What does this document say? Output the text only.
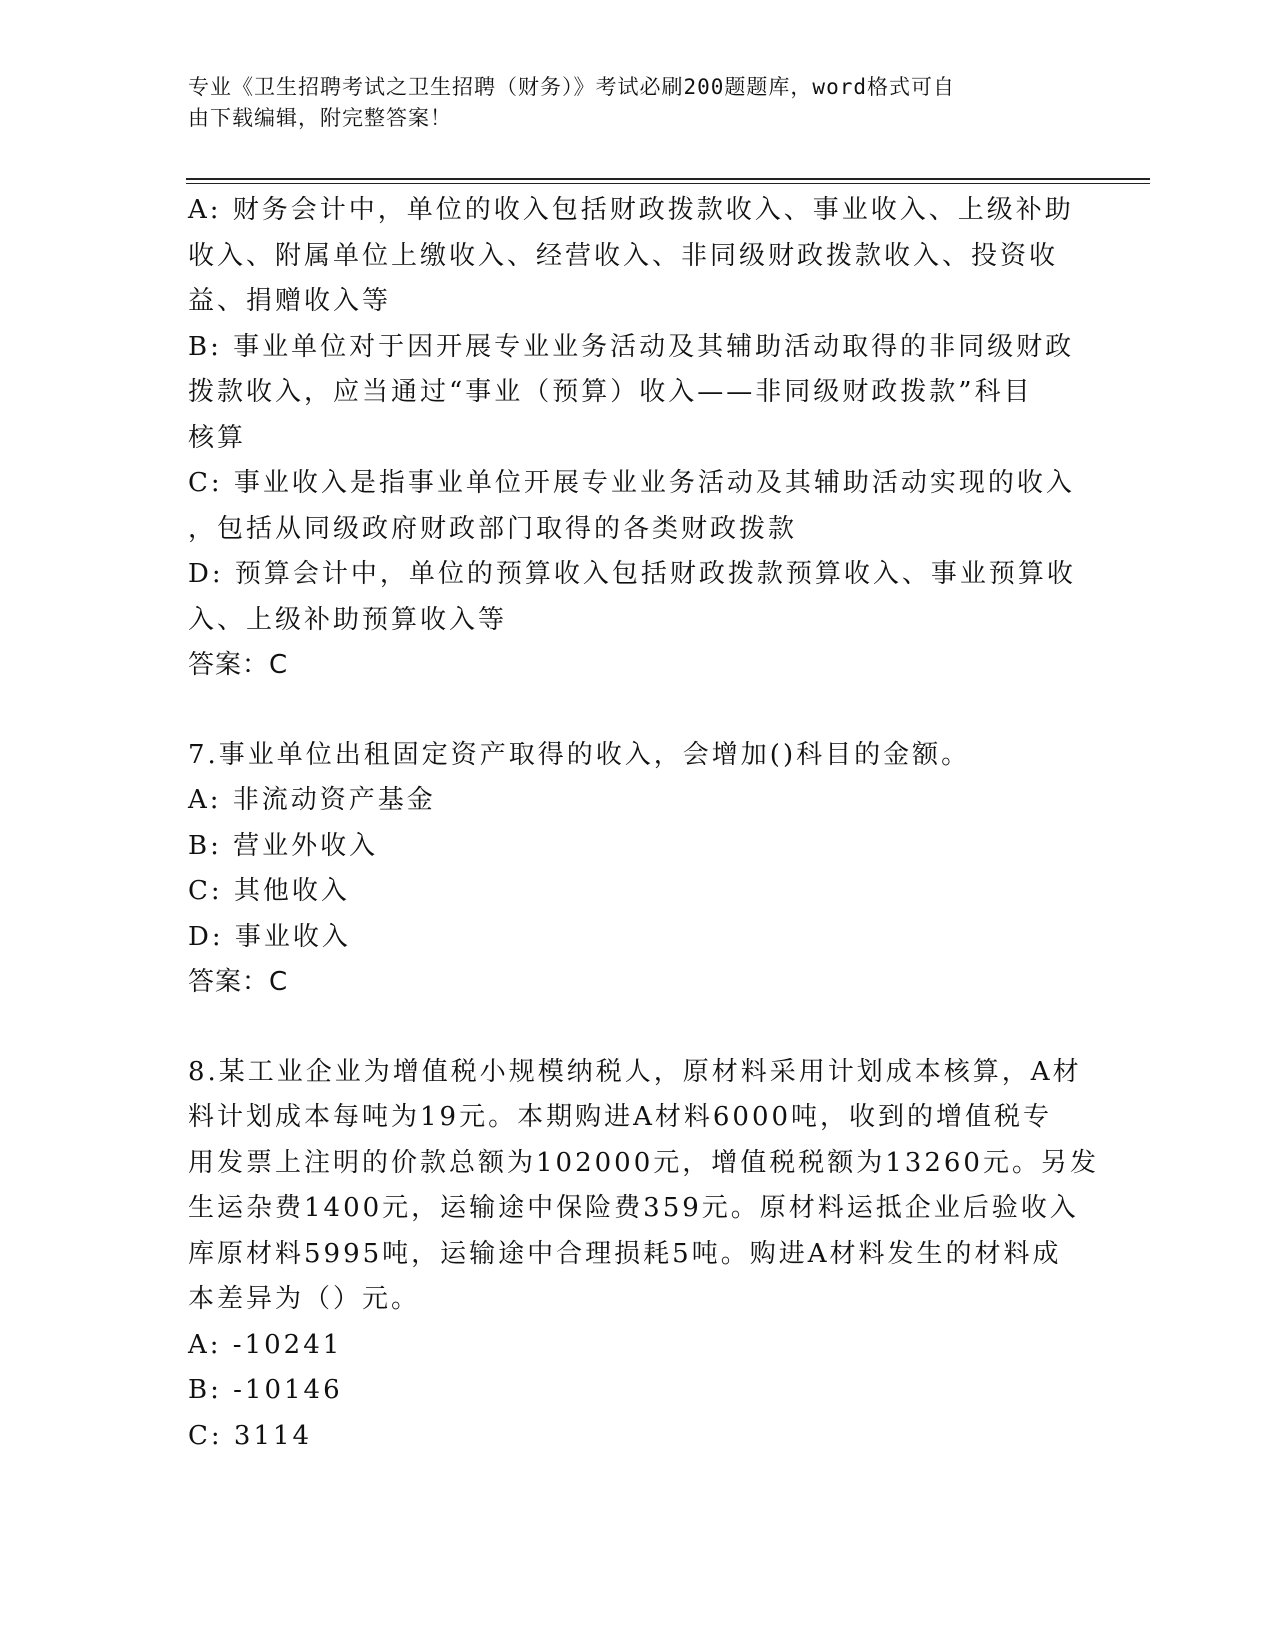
专业《卫生招聘考试之卫生招聘（财务）》考试必刷200题题库，word格式可自
由下载编辑，附完整答案！
A: 财务会计中，单位的收入包括财政拨款收入、事业收入、上级补助
收入、附属单位上缴收入、经营收入、非同级财政拨款收入、投资收
益、捐赠收入等
B: 事业单位对于因开展专业业务活动及其辅助活动取得的非同级财政
拨款收入，应当通过“事业（预算）收入——非同级财政拨款”科目
核算
C: 事业收入是指事业单位开展专业业务活动及其辅助活动实现的收入
，包括从同级政府财政部门取得的各类财政拨款
D: 预算会计中，单位的预算收入包括财政拨款预算收入、事业预算收
入、上级补助预算收入等
答案：C
7.事业单位出租固定资产取得的收入，会增加()科目的金额。
A: 非流动资产基金
B: 营业外收入
C: 其他收入
D: 事业收入
答案：C
8.某工业企业为增值税小规模纳税人，原材料采用计划成本核算，A材
料计划成本每吨为19元。本期购进A材料6000吨，收到的增值税专
用发票上注明的价款总额为102000元，增值税税额为13260元。另发
生运杂费1400元，运输途中保险费359元。原材料运抵企业后验收入
库原材料5995吨，运输途中合理损耗5吨。购进A材料发生的材料成
本差异为（）元。
A: -10241
B: -10146
C: 3114
